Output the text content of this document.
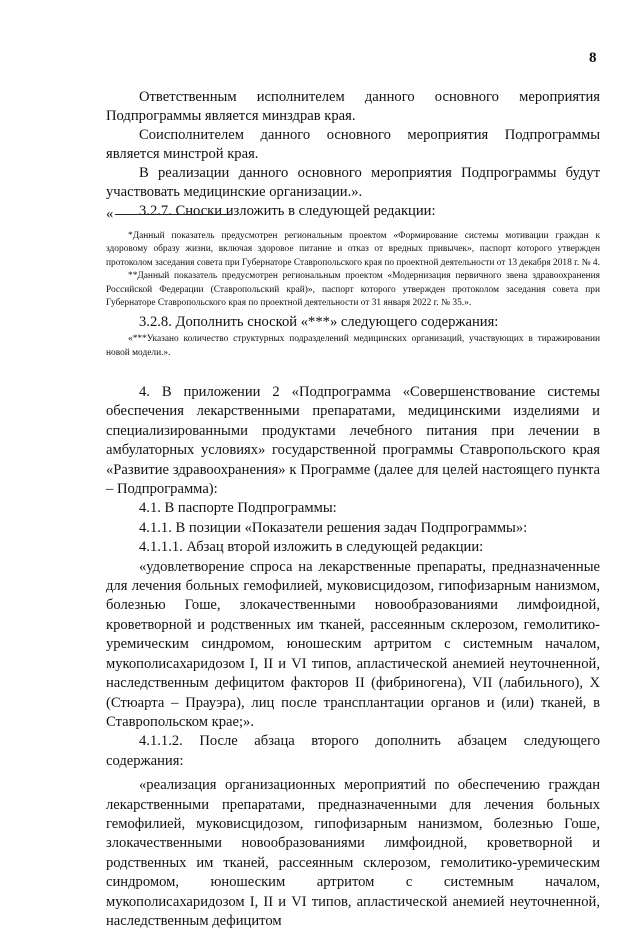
8

Ответственным исполнителем данного основного мероприятия Подпрограммы является минздрав края.

Соисполнителем данного основного мероприятия Подпрограммы является минстрой края.

В реализации данного основного мероприятия Подпрограммы будут участвовать медицинские организации.».

3.2.7. Сноски изложить в следующей редакции:

«

*Данный показатель предусмотрен региональным проектом «Формирование системы мотивации граждан к здоровому образу жизни, включая здоровое питание и отказ от вредных привычек», паспорт которого утвержден протоколом заседания совета при Губернаторе Ставропольского края по проектной деятельности от 13 декабря 2018 г. № 4.

**Данный показатель предусмотрен региональным проектом «Модернизация первичного звена здравоохранения Российской Федерации (Ставропольский край)», паспорт которого утвержден протоколом заседания совета при Губернаторе Ставропольского края по проектной деятельности от 31 января 2022 г. № 35.».

3.2.8. Дополнить сноской «***» следующего содержания:

«***Указано количество структурных подразделений медицинских организаций, участвующих в тиражировании новой модели.».

4. В приложении 2 «Подпрограмма «Совершенствование системы обеспечения лекарственными препаратами, медицинскими изделиями и специализированными продуктами лечебного питания при лечении в амбулаторных условиях» государственной программы Ставропольского края «Развитие здравоохранения» к Программе (далее для целей настоящего пункта – Подпрограмма):

4.1. В паспорте Подпрограммы:

4.1.1. В позиции «Показатели решения задач Подпрограммы»:

4.1.1.1. Абзац второй изложить в следующей редакции:

«удовлетворение спроса на лекарственные препараты, предназначенные для лечения больных гемофилией, муковисцидозом, гипофизарным нанизмом, болезнью Гоше, злокачественными новообразованиями лимфоидной, кроветворной и родственных им тканей, рассеянным склерозом, гемолитико-уремическим синдромом, юношеским артритом с системным началом, мукополисахаридозом I, II и VI типов, апластической анемией неуточненной, наследственным дефицитом факторов II (фибриногена), VII (лабильного), X (Стюарта – Прауэра), лиц после трансплантации органов и (или) тканей, в Ставропольском крае;».

4.1.1.2. После абзаца второго дополнить абзацем следующего содержания:

«реализация организационных мероприятий по обеспечению граждан лекарственными препаратами, предназначенными для лечения больных гемофилией, муковисцидозом, гипофизарным нанизмом, болезнью Гоше, злокачественными новообразованиями лимфоидной, кроветворной и родственных им тканей, рассеянным склерозом, гемолитико-уремическим синдромом, юношеским артритом с системным началом, мукополисахаридозом I, II и VI типов, апластической анемией неуточненной, наследственным дефицитом
